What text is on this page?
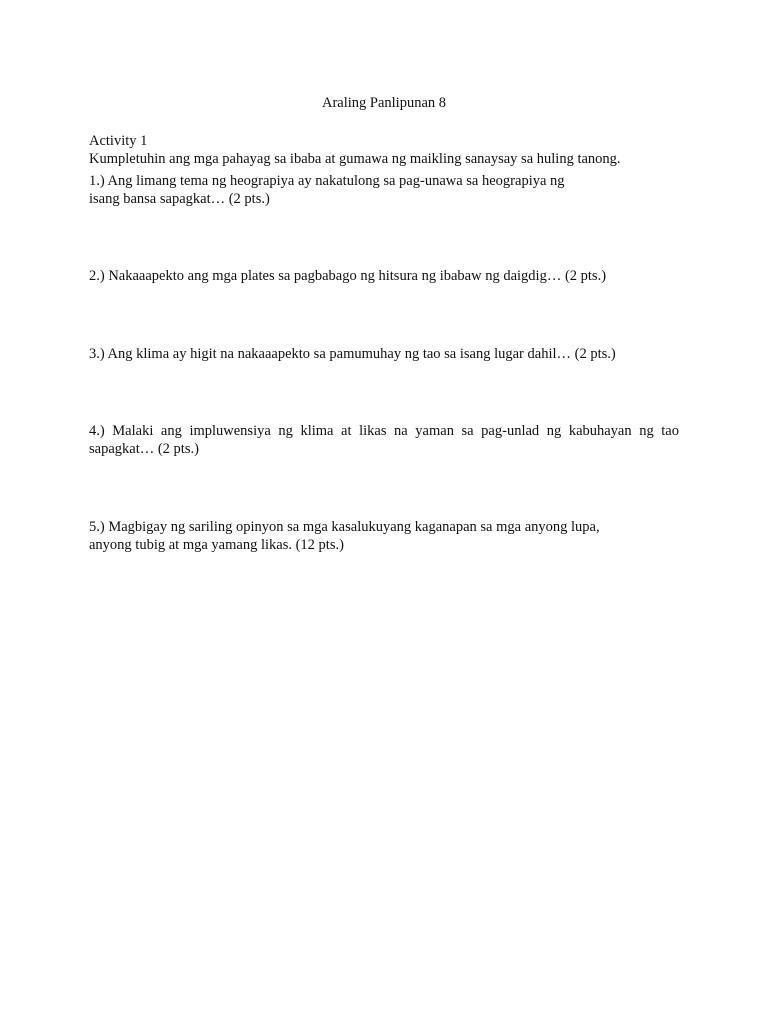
Araling Panlipunan 8
Activity 1
Kumpletuhin ang mga pahayag sa ibaba at gumawa ng maikling sanaysay sa huling tanong.
1.) Ang limang tema ng heograpiya ay nakatulong sa pag-unawa sa heograpiya ng
isang bansa sapagkat… (2 pts.)
2.) Nakaaapekto ang mga plates sa pagbabago ng hitsura ng ibabaw ng daigdig… (2 pts.)
3.) Ang klima ay higit na nakaaapekto sa pamumuhay ng tao sa isang lugar dahil… (2 pts.)
4.) Malaki ang impluwensiya ng klima at likas na yaman sa pag-unlad ng kabuhayan ng tao sapagkat… (2 pts.)
5.) Magbigay ng sariling opinyon sa mga kasalukuyang kaganapan sa mga anyong lupa,
anyong tubig at mga yamang likas. (12 pts.)
